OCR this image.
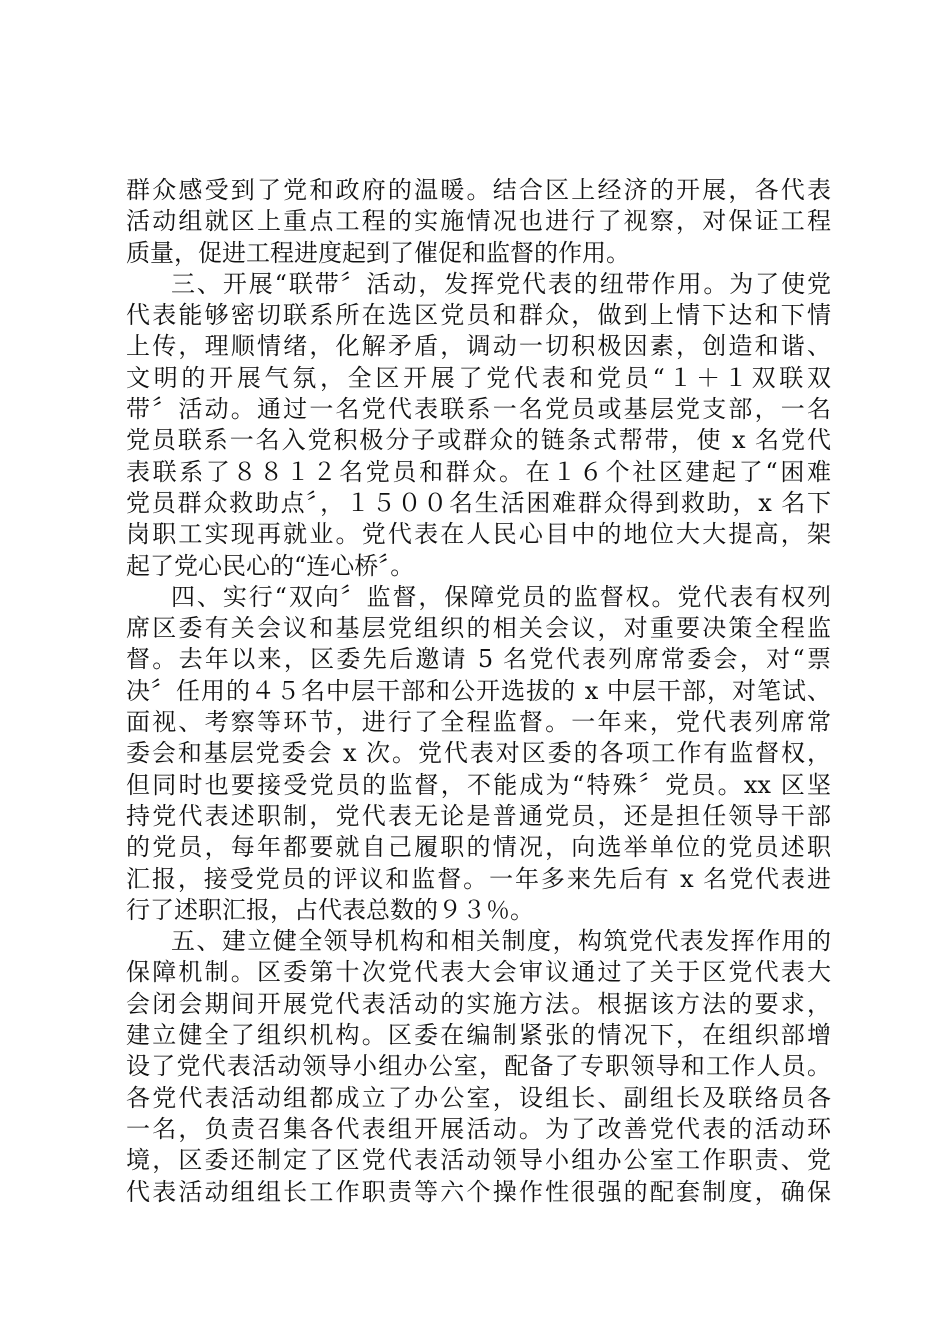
群众感受到了党和政府的温暖。结合区上经济的开展，各代表
活动组就区上重点工程的实施情况也进行了视察，对保证工程
质量，促进工程进度起到了催促和监督的作用。
三、开展“联带〞活动，发挥党代表的纽带作用。为了使党
代表能够密切联系所在选区党员和群众，做到上情下达和下情
上传，理顺情绪，化解矛盾，调动一切积极因素，创造和谐、
文明的开展气氛，全区开展了党代表和党员“１＋１双联双
带〞活动。通过一名党代表联系一名党员或基层党支部，一名
党员联系一名入党积极分子或群众的链条式帮带，使 x 名党代
表联系了８８１２名党员和群众。在１６个社区建起了“困难
党员群众救助点〞，１５００名生活困难群众得到救助，x 名下
岗职工实现再就业。党代表在人民心目中的地位大大提高，架
起了党心民心的“连心桥〞。
四、实行“双向〞监督，保障党员的监督权。党代表有权列
席区委有关会议和基层党组织的相关会议，对重要决策全程监
督。去年以来，区委先后邀请 5 名党代表列席常委会，对“票
决〞任用的４５名中层干部和公开选拔的 x 中层干部，对笔试、
面视、考察等环节，进行了全程监督。一年来，党代表列席常
委会和基层党委会 x 次。党代表对区委的各项工作有监督权，
但同时也要接受党员的监督，不能成为“特殊〞党员。xx 区坚
持党代表述职制，党代表无论是普通党员，还是担任领导干部
的党员，每年都要就自己履职的情况，向选举单位的党员述职
汇报，接受党员的评议和监督。一年多来先后有 x 名党代表进
行了述职汇报，占代表总数的９３％。
五、建立健全领导机构和相关制度，构筑党代表发挥作用的
保障机制。区委第十次党代表大会审议通过了关于区党代表大
会闭会期间开展党代表活动的实施方法。根据该方法的要求，
建立健全了组织机构。区委在编制紧张的情况下，在组织部增
设了党代表活动领导小组办公室，配备了专职领导和工作人员。
各党代表活动组都成立了办公室，设组长、副组长及联络员各
一名，负责召集各代表组开展活动。为了改善党代表的活动环
境，区委还制定了区党代表活动领导小组办公室工作职责、党
代表活动组组长工作职责等六个操作性很强的配套制度，确保
